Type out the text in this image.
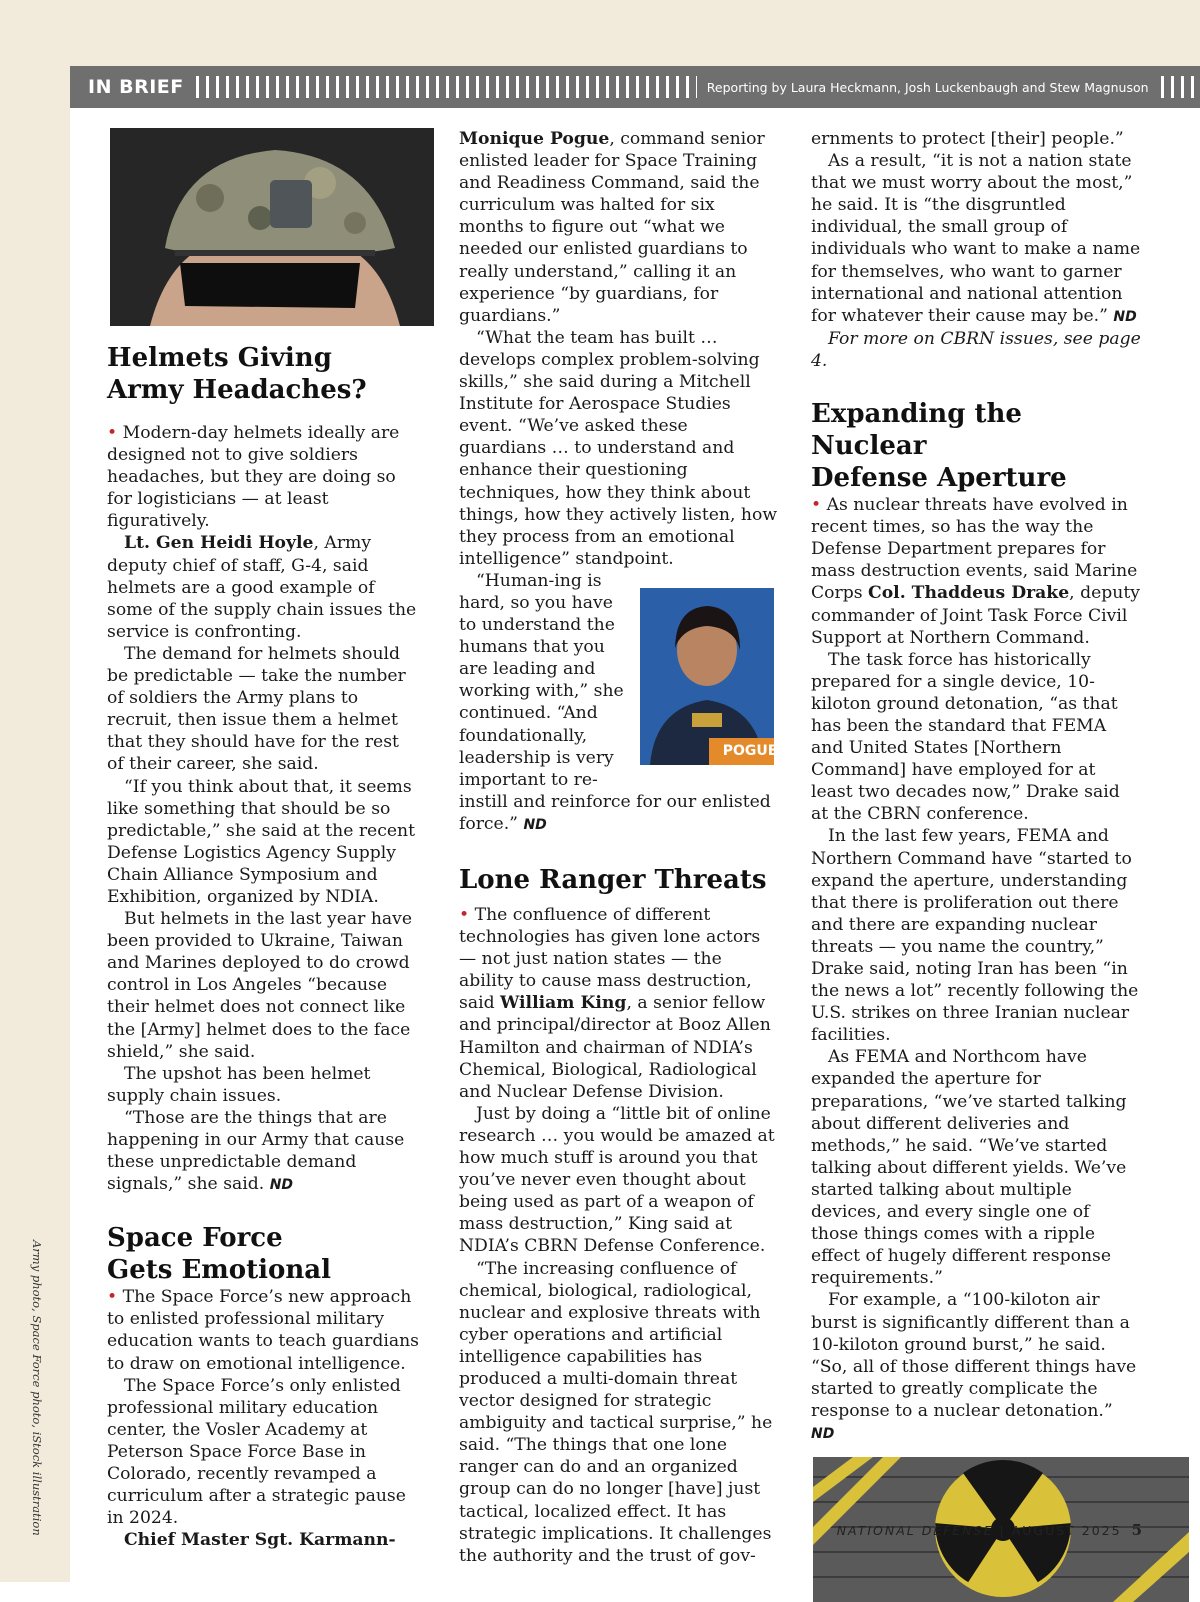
IN BRIEF	Reporting by Laura Heckmann, Josh Luckenbaugh and Stew Magnuson
Army photo, Space Force photo, iStock illustration
Helmets Giving
Army Headaches?

• Modern-day helmets ideally are designed not to give soldiers headaches, but they are doing so for logisticians — at least figuratively.

Lt. Gen Heidi Hoyle, Army deputy chief of staff, G-4, said helmets are a good example of some of the supply chain issues the service is confronting.

The demand for helmets should be predictable — take the number of soldiers the Army plans to recruit, then issue them a helmet that they should have for the rest of their career, she said.

“If you think about that, it seems like something that should be so predictable,” she said at the recent Defense Logistics Agency Supply Chain Alliance Symposium and Exhibition, organized by NDIA.

But helmets in the last year have been provided to Ukraine, Taiwan and Marines deployed to do crowd control in Los Angeles “because their helmet does not connect like the [Army] helmet does to the face shield,” she said.

The upshot has been helmet supply chain issues.

“Those are the things that are happening in our Army that cause these unpredictable demand signals,” she said. ND

Space Force
Gets Emotional

• The Space Force’s new approach to enlisted professional military education wants to teach guardians to draw on emotional intelligence.

The Space Force’s only enlisted professional military education center, the Vosler Academy at Peterson Space Force Base in Colorado, recently revamped a curriculum after a strategic pause in 2024.

Chief Master Sgt. Karmann-

Monique Pogue, command senior enlisted leader for Space Training and Readiness Command, said the curriculum was halted for six months to figure out “what we needed our enlisted guardians to really understand,” calling it an experience “by guardians, for guardians.”

“What the team has built … develops complex problem-solving skills,” she said during a Mitchell Institute for Aerospace Studies event. “We’ve asked these guardians … to understand and enhance their questioning techniques, how they think about things, how they actively listen, how they process from an emotional intelligence” standpoint.

POGUE
“Human-ing is hard, so you have to understand the humans that you are leading and working with,” she continued. “And foundationally, leadership is very important to re-instill and reinforce for our enlisted force.” ND

Lone Ranger Threats

• The confluence of different technologies has given lone actors — not just nation states — the ability to cause mass destruction, said William King, a senior fellow and principal/director at Booz Allen Hamilton and chairman of NDIA’s Chemical, Biological, Radiological and Nuclear Defense Division.

Just by doing a “little bit of online research … you would be amazed at how much stuff is around you that you’ve never even thought about being used as part of a weapon of mass destruction,” King said at NDIA’s CBRN Defense Conference.

“The increasing confluence of chemical, biological, radiological, nuclear and explosive threats with cyber operations and artificial intelligence capabilities has produced a multi-domain threat vector designed for strategic ambiguity and tactical surprise,” he said. “The things that one lone ranger can do and an organized group can do no longer [have] just tactical, localized effect. It has strategic implications. It challenges the authority and the trust of gov-

ernments to protect [their] people.”

As a result, “it is not a nation state that we must worry about the most,” he said. It is “the disgruntled individual, the small group of individuals who want to make a name for themselves, who want to garner international and national attention for whatever their cause may be.” ND

For more on CBRN issues, see page 4.

Expanding the Nuclear
Defense Aperture

• As nuclear threats have evolved in recent times, so has the way the Defense Department prepares for mass destruction events, said Marine Corps Col. Thaddeus Drake, deputy commander of Joint Task Force Civil Support at Northern Command.

The task force has historically prepared for a single device, 10-kiloton ground detonation, “as that has been the standard that FEMA and United States [Northern Command] have employed for at least two decades now,” Drake said at the CBRN conference.

In the last few years, FEMA and Northern Command have “started to expand the aperture, understanding that there is proliferation out there and there are expanding nuclear threats — you name the country,” Drake said, noting Iran has been “in the news a lot” recently following the U.S. strikes on three Iranian nuclear facilities.

As FEMA and Northcom have expanded the aperture for preparations, “we’ve started talking about different deliveries and methods,” he said. “We’ve started talking about different yields. We’ve started talking about multiple devices, and every single one of those things comes with a ripple effect of hugely different response requirements.”

For example, a “100-kiloton air burst is significantly different than a 10-kiloton ground burst,” he said. “So, all of those different things have started to greatly complicate the response to a nuclear detonation.” ND

NATIONAL DEFENSE | AUGUST 2025 5
